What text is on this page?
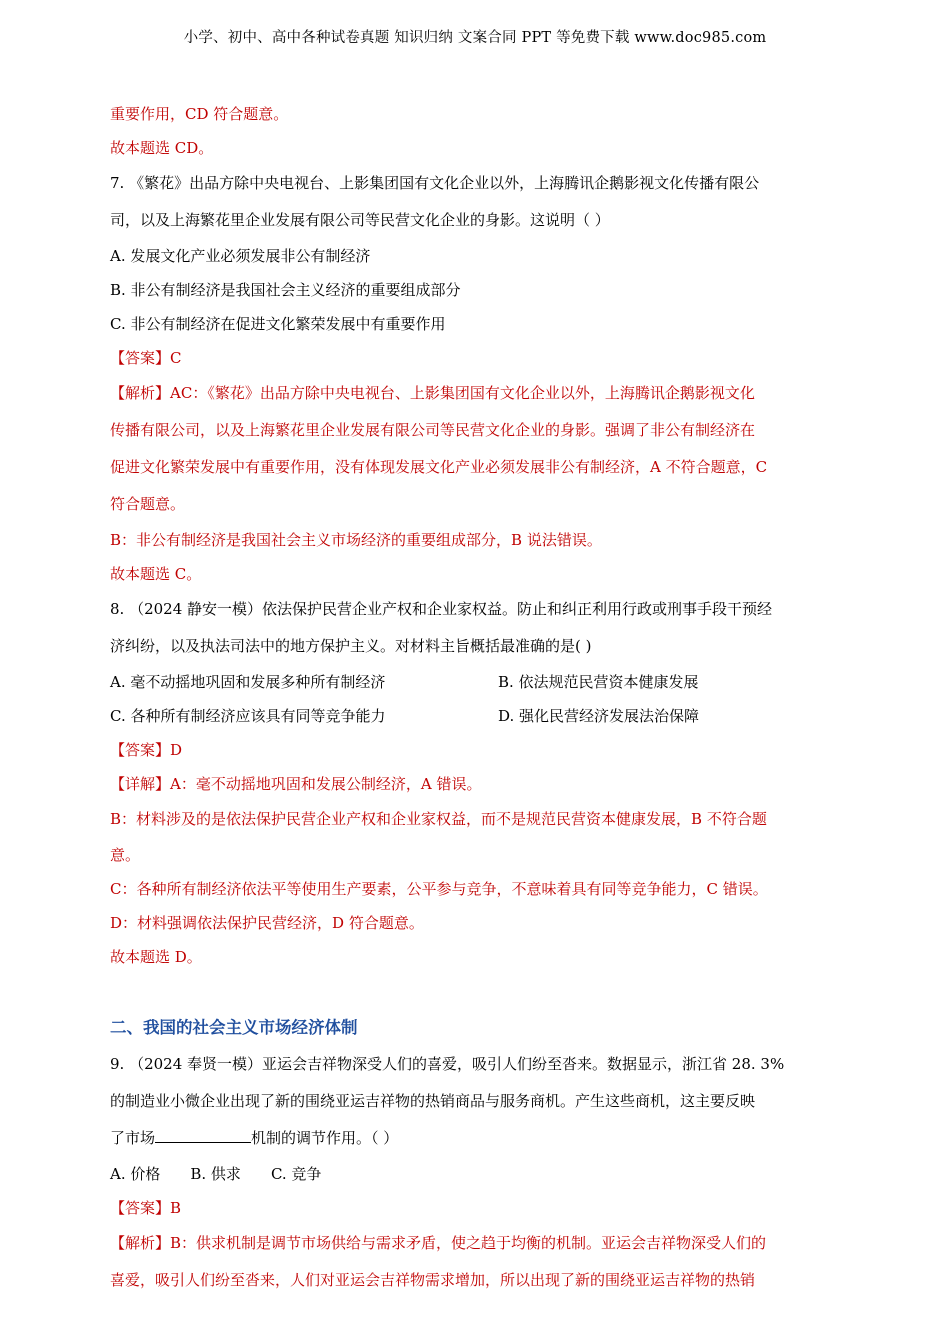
小学、初中、高中各种试卷真题 知识归纳 文案合同 PPT 等免费下载 www.doc985.com
重要作用，CD 符合题意。
故本题选 CD。
7. 《繁花》出品方除中央电视台、上影集团国有文化企业以外，上海腾讯企鹅影视文化传播有限公
司，以及上海繁花里企业发展有限公司等民营文化企业的身影。这说明（ ）
A. 发展文化产业必须发展非公有制经济
B. 非公有制经济是我国社会主义经济的重要组成部分
C. 非公有制经济在促进文化繁荣发展中有重要作用
【答案】C
【解析】AC：《繁花》出品方除中央电视台、上影集团国有文化企业以外，上海腾讯企鹅影视文化
传播有限公司，以及上海繁花里企业发展有限公司等民营文化企业的身影。强调了非公有制经济在
促进文化繁荣发展中有重要作用，没有体现发展文化产业必须发展非公有制经济，A 不符合题意，C
符合题意。
B：非公有制经济是我国社会主义市场经济的重要组成部分，B 说法错误。
故本题选 C。
8. （2024 静安一模）依法保护民营企业产权和企业家权益。防止和纠正利用行政或刑事手段干预经
济纠纷，以及执法司法中的地方保护主义。对材料主旨概括最准确的是( )
A. 毫不动摇地巩固和发展多种所有制经济	B. 依法规范民营资本健康发展
C. 各种所有制经济应该具有同等竞争能力	D. 强化民营经济发展法治保障
【答案】D
【详解】A：毫不动摇地巩固和发展公制经济，A 错误。
B：材料涉及的是依法保护民营企业产权和企业家权益，而不是规范民营资本健康发展，B 不符合题
意。
C：各种所有制经济依法平等使用生产要素，公平参与竞争，不意味着具有同等竞争能力，C 错误。
D：材料强调依法保护民营经济，D 符合题意。
故本题选 D。
二、我国的社会主义市场经济体制
9. （2024 奉贤一模）亚运会吉祥物深受人们的喜爱，吸引人们纷至沓来。数据显示，浙江省 28. 3%
的制造业小微企业出现了新的围绕亚运吉祥物的热销商品与服务商机。产生这些商机，这主要反映
了市场	机制的调节作用。（ ）
A. 价格 B. 供求 C. 竞争
【答案】B
【解析】B：供求机制是调节市场供给与需求矛盾，使之趋于均衡的机制。亚运会吉祥物深受人们的
喜爱，吸引人们纷至沓来，人们对亚运会吉祥物需求增加，所以出现了新的围绕亚运吉祥物的热销
